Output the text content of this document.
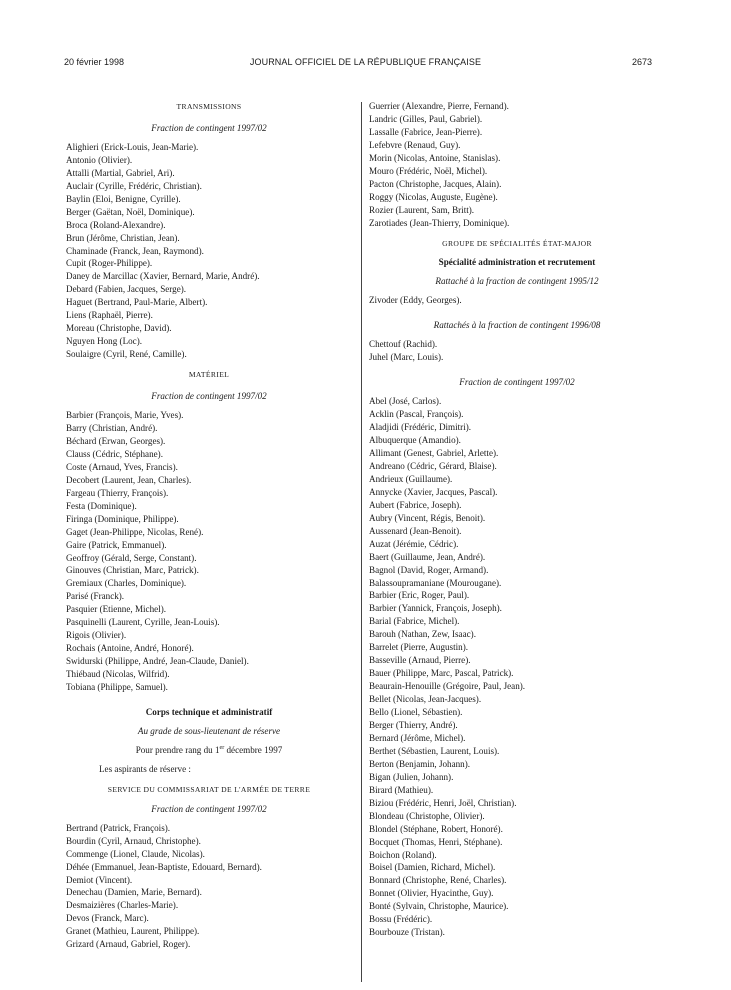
20 février 1998	JOURNAL OFFICIEL DE LA RÉPUBLIQUE FRANÇAISE	2673

TRANSMISSIONS

Fraction de contingent 1997/02

Alighieri (Erick-Louis, Jean-Marie).
Antonio (Olivier).
Attalli (Martial, Gabriel, Ari).
Auclair (Cyrille, Frédéric, Christian).
Baylin (Eloi, Benigne, Cyrille).
Berger (Gaëtan, Noël, Dominique).
Broca (Roland-Alexandre).
Brun (Jérôme, Christian, Jean).
Chaminade (Franck, Jean, Raymond).
Cupit (Roger-Philippe).
Daney de Marcillac (Xavier, Bernard, Marie, André).
Debard (Fabien, Jacques, Serge).
Haguet (Bertrand, Paul-Marie, Albert).
Liens (Raphaël, Pierre).
Moreau (Christophe, David).
Nguyen Hong (Loc).
Soulaigre (Cyril, René, Camille).

MATÉRIEL

Fraction de contingent 1997/02

Barbier (François, Marie, Yves).
Barry (Christian, André).
Béchard (Erwan, Georges).
Clauss (Cédric, Stéphane).
Coste (Arnaud, Yves, Francis).
Decobert (Laurent, Jean, Charles).
Fargeau (Thierry, François).
Festa (Dominique).
Firinga (Dominique, Philippe).
Gaget (Jean-Philippe, Nicolas, René).
Gaire (Patrick, Emmanuel).
Geoffroy (Gérald, Serge, Constant).
Ginouves (Christian, Marc, Patrick).
Gremiaux (Charles, Dominique).
Parisé (Franck).
Pasquier (Etienne, Michel).
Pasquinelli (Laurent, Cyrille, Jean-Louis).
Rigois (Olivier).
Rochais (Antoine, André, Honoré).
Swidurski (Philippe, André, Jean-Claude, Daniel).
Thiébaud (Nicolas, Wilfrid).
Tobiana (Philippe, Samuel).

Corps technique et administratif

Au grade de sous-lieutenant de réserve

Pour prendre rang du 1er décembre 1997

Les aspirants de réserve :

SERVICE DU COMMISSARIAT DE L'ARMÉE DE TERRE

Fraction de contingent 1997/02

Bertrand (Patrick, François).
Bourdin (Cyril, Arnaud, Christophe).
Commenge (Lionel, Claude, Nicolas).
Déhée (Emmanuel, Jean-Baptiste, Edouard, Bernard).
Demiot (Vincent).
Denechau (Damien, Marie, Bernard).
Desmaizières (Charles-Marie).
Devos (Franck, Marc).
Granet (Mathieu, Laurent, Philippe).
Grizard (Arnaud, Gabriel, Roger).
Guerrier (Alexandre, Pierre, Fernand).
Landric (Gilles, Paul, Gabriel).
Lassalle (Fabrice, Jean-Pierre).
Lefebvre (Renaud, Guy).
Morin (Nicolas, Antoine, Stanislas).
Mouro (Frédéric, Noël, Michel).
Pacton (Christophe, Jacques, Alain).
Roggy (Nicolas, Auguste, Eugène).
Rozier (Laurent, Sam, Britt).
Zarotiades (Jean-Thierry, Dominique).

GROUPE DE SPÉCIALITÉS ÉTAT-MAJOR

Spécialité administration et recrutement

Rattaché à la fraction de contingent 1995/12

Zivoder (Eddy, Georges).

Rattachés à la fraction de contingent 1996/08

Chettouf (Rachid).
Juhel (Marc, Louis).

Fraction de contingent 1997/02

Abel (José, Carlos).
Acklin (Pascal, François).
Aladjidi (Frédéric, Dimitri).
Albuquerque (Amandio).
Allimant (Genest, Gabriel, Arlette).
Andreano (Cédric, Gérard, Blaise).
Andrieux (Guillaume).
Annycke (Xavier, Jacques, Pascal).
Aubert (Fabrice, Joseph).
Aubry (Vincent, Régis, Benoit).
Aussenard (Jean-Benoit).
Auzat (Jérémie, Cédric).
Baert (Guillaume, Jean, André).
Bagnol (David, Roger, Armand).
Balassoupramaniane (Mourougane).
Barbier (Eric, Roger, Paul).
Barbier (Yannick, François, Joseph).
Barial (Fabrice, Michel).
Barouh (Nathan, Zew, Isaac).
Barrelet (Pierre, Augustin).
Basseville (Arnaud, Pierre).
Bauer (Philippe, Marc, Pascal, Patrick).
Beaurain-Henouille (Grégoire, Paul, Jean).
Bellet (Nicolas, Jean-Jacques).
Bello (Lionel, Sébastien).
Berger (Thierry, André).
Bernard (Jérôme, Michel).
Berthet (Sébastien, Laurent, Louis).
Berton (Benjamin, Johann).
Bigan (Julien, Johann).
Birard (Mathieu).
Biziou (Frédéric, Henri, Joël, Christian).
Blondeau (Christophe, Olivier).
Blondel (Stéphane, Robert, Honoré).
Bocquet (Thomas, Henri, Stéphane).
Boichon (Roland).
Boisel (Damien, Richard, Michel).
Bonnard (Christophe, René, Charles).
Bonnet (Olivier, Hyacinthe, Guy).
Bonté (Sylvain, Christophe, Maurice).
Bossu (Frédéric).
Bourbouze (Tristan).
